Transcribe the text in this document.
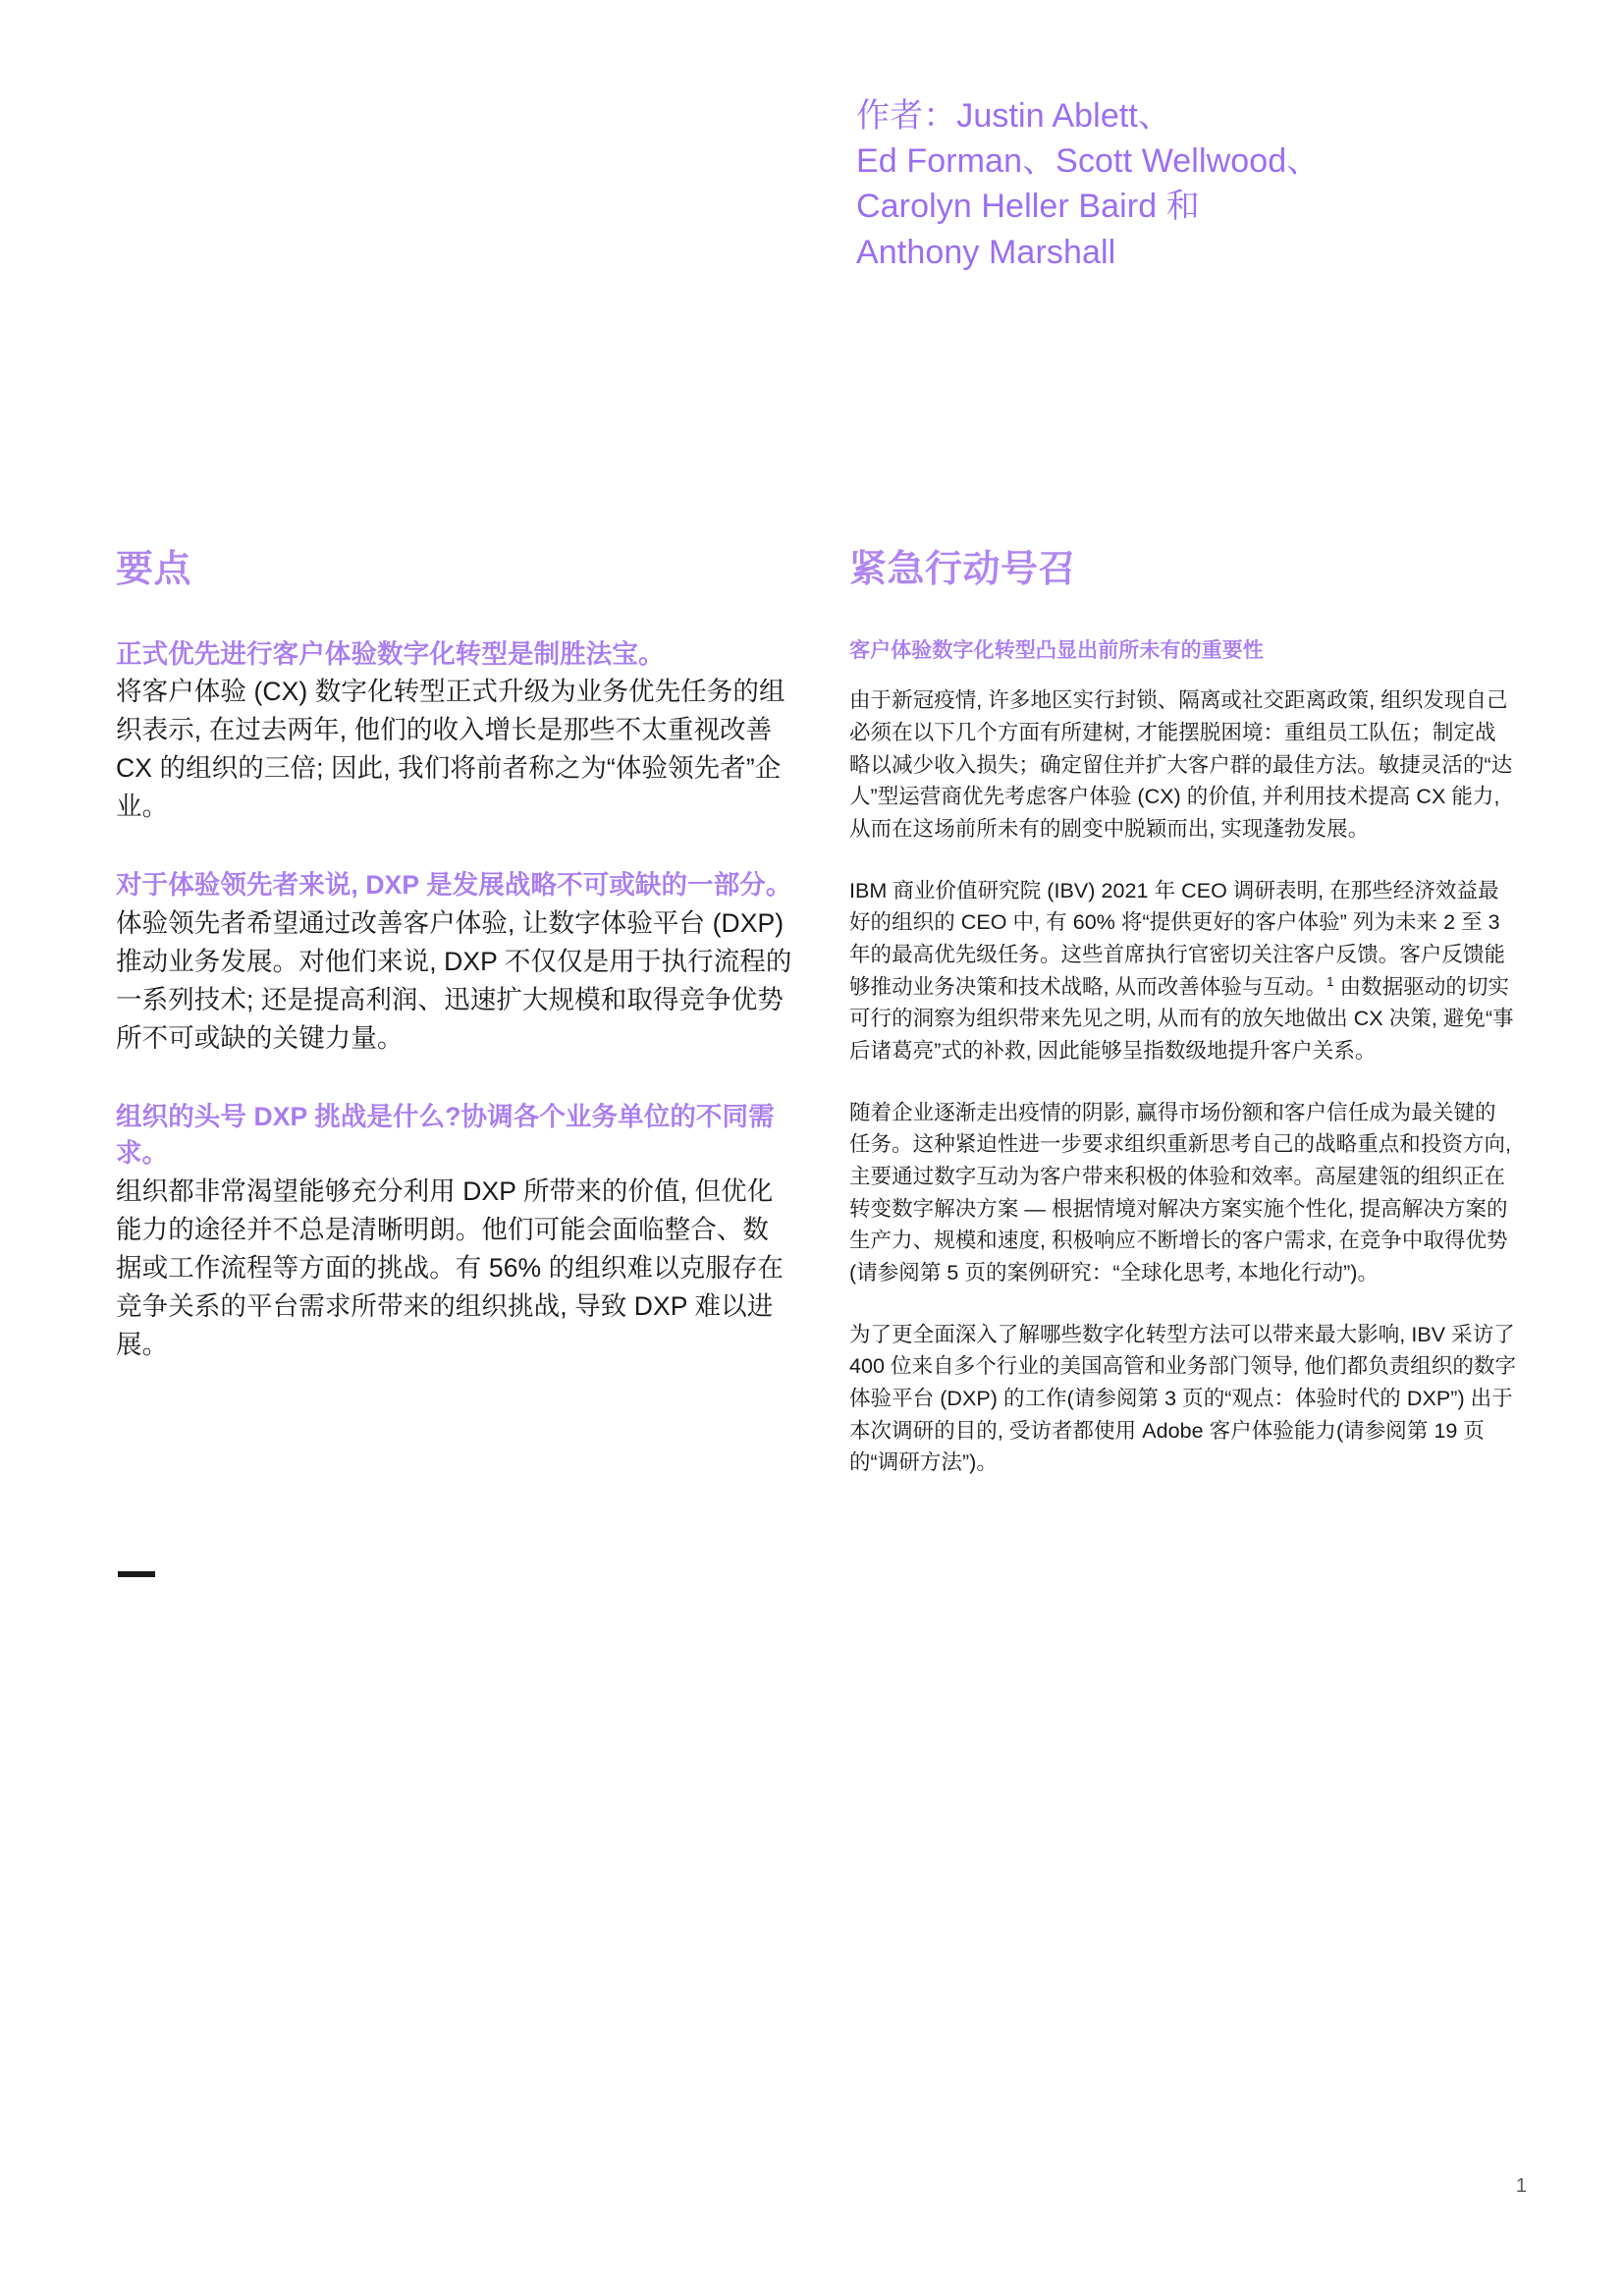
作者：Justin Ablett、
Ed Forman、Scott Wellwood、
Carolyn Heller Baird 和
Anthony Marshall
要点

正式优先进行客户体验数字化转型是制胜法宝。

将客户体验 (CX) 数字化转型正式升级为业务优先任务的组织表示, 在过去两年, 他们的收入增长是那些不太重视改善 CX 的组织的三倍; 因此, 我们将前者称之为“体验领先者”企业。

对于体验领先者来说, DXP 是发展战略不可或缺的一部分。

体验领先者希望通过改善客户体验, 让数字体验平台 (DXP) 推动业务发展。对他们来说, DXP 不仅仅是用于执行流程的一系列技术; 还是提高利润、迅速扩大规模和取得竞争优势所不可或缺的关键力量。

组织的头号 DXP 挑战是什么?协调各个业务单位的不同需求。

组织都非常渴望能够充分利用 DXP 所带来的价值, 但优化能力的途径并不总是清晰明朗。他们可能会面临整合、数据或工作流程等方面的挑战。有 56% 的组织难以克服存在竞争关系的平台需求所带来的组织挑战, 导致 DXP 难以进展。

紧急行动号召

客户体验数字化转型凸显出前所未有的重要性

由于新冠疫情, 许多地区实行封锁、隔离或社交距离政策, 组织发现自己必须在以下几个方面有所建树, 才能摆脱困境：重组员工队伍；制定战略以减少收入损失；确定留住并扩大客户群的最佳方法。敏捷灵活的“达人”型运营商优先考虑客户体验 (CX) 的价值, 并利用技术提高 CX 能力, 从而在这场前所未有的剧变中脱颖而出, 实现蓬勃发展。

IBM 商业价值研究院 (IBV) 2021 年 CEO 调研表明, 在那些经济效益最好的组织的 CEO 中, 有 60% 将“提供更好的客户体验” 列为未来 2 至 3 年的最高优先级任务。这些首席执行官密切关注客户反馈。客户反馈能够推动业务决策和技术战略, 从而改善体验与互动。$^1$ 由数据驱动的切实可行的洞察为组织带来先见之明, 从而有的放矢地做出 CX 决策, 避免“事后诸葛亮”式的补救, 因此能够呈指数级地提升客户关系。

随着企业逐渐走出疫情的阴影, 赢得市场份额和客户信任成为最关键的任务。这种紧迫性进一步要求组织重新思考自己的战略重点和投资方向, 主要通过数字互动为客户带来积极的体验和效率。高屋建瓴的组织正在转变数字解决方案 — 根据情境对解决方案实施个性化, 提高解决方案的生产力、规模和速度, 积极响应不断增长的客户需求, 在竞争中取得优势(请参阅第 5 页的案例研究：“全球化思考, 本地化行动”)。

为了更全面深入了解哪些数字化转型方法可以带来最大影响, IBV 采访了 400 位来自多个行业的美国高管和业务部门领导, 他们都负责组织的数字体验平台 (DXP) 的工作(请参阅第 3 页的“观点：体验时代的 DXP”) 出于本次调研的目的, 受访者都使用 Adobe 客户体验能力(请参阅第 19 页的“调研方法”)。

1
